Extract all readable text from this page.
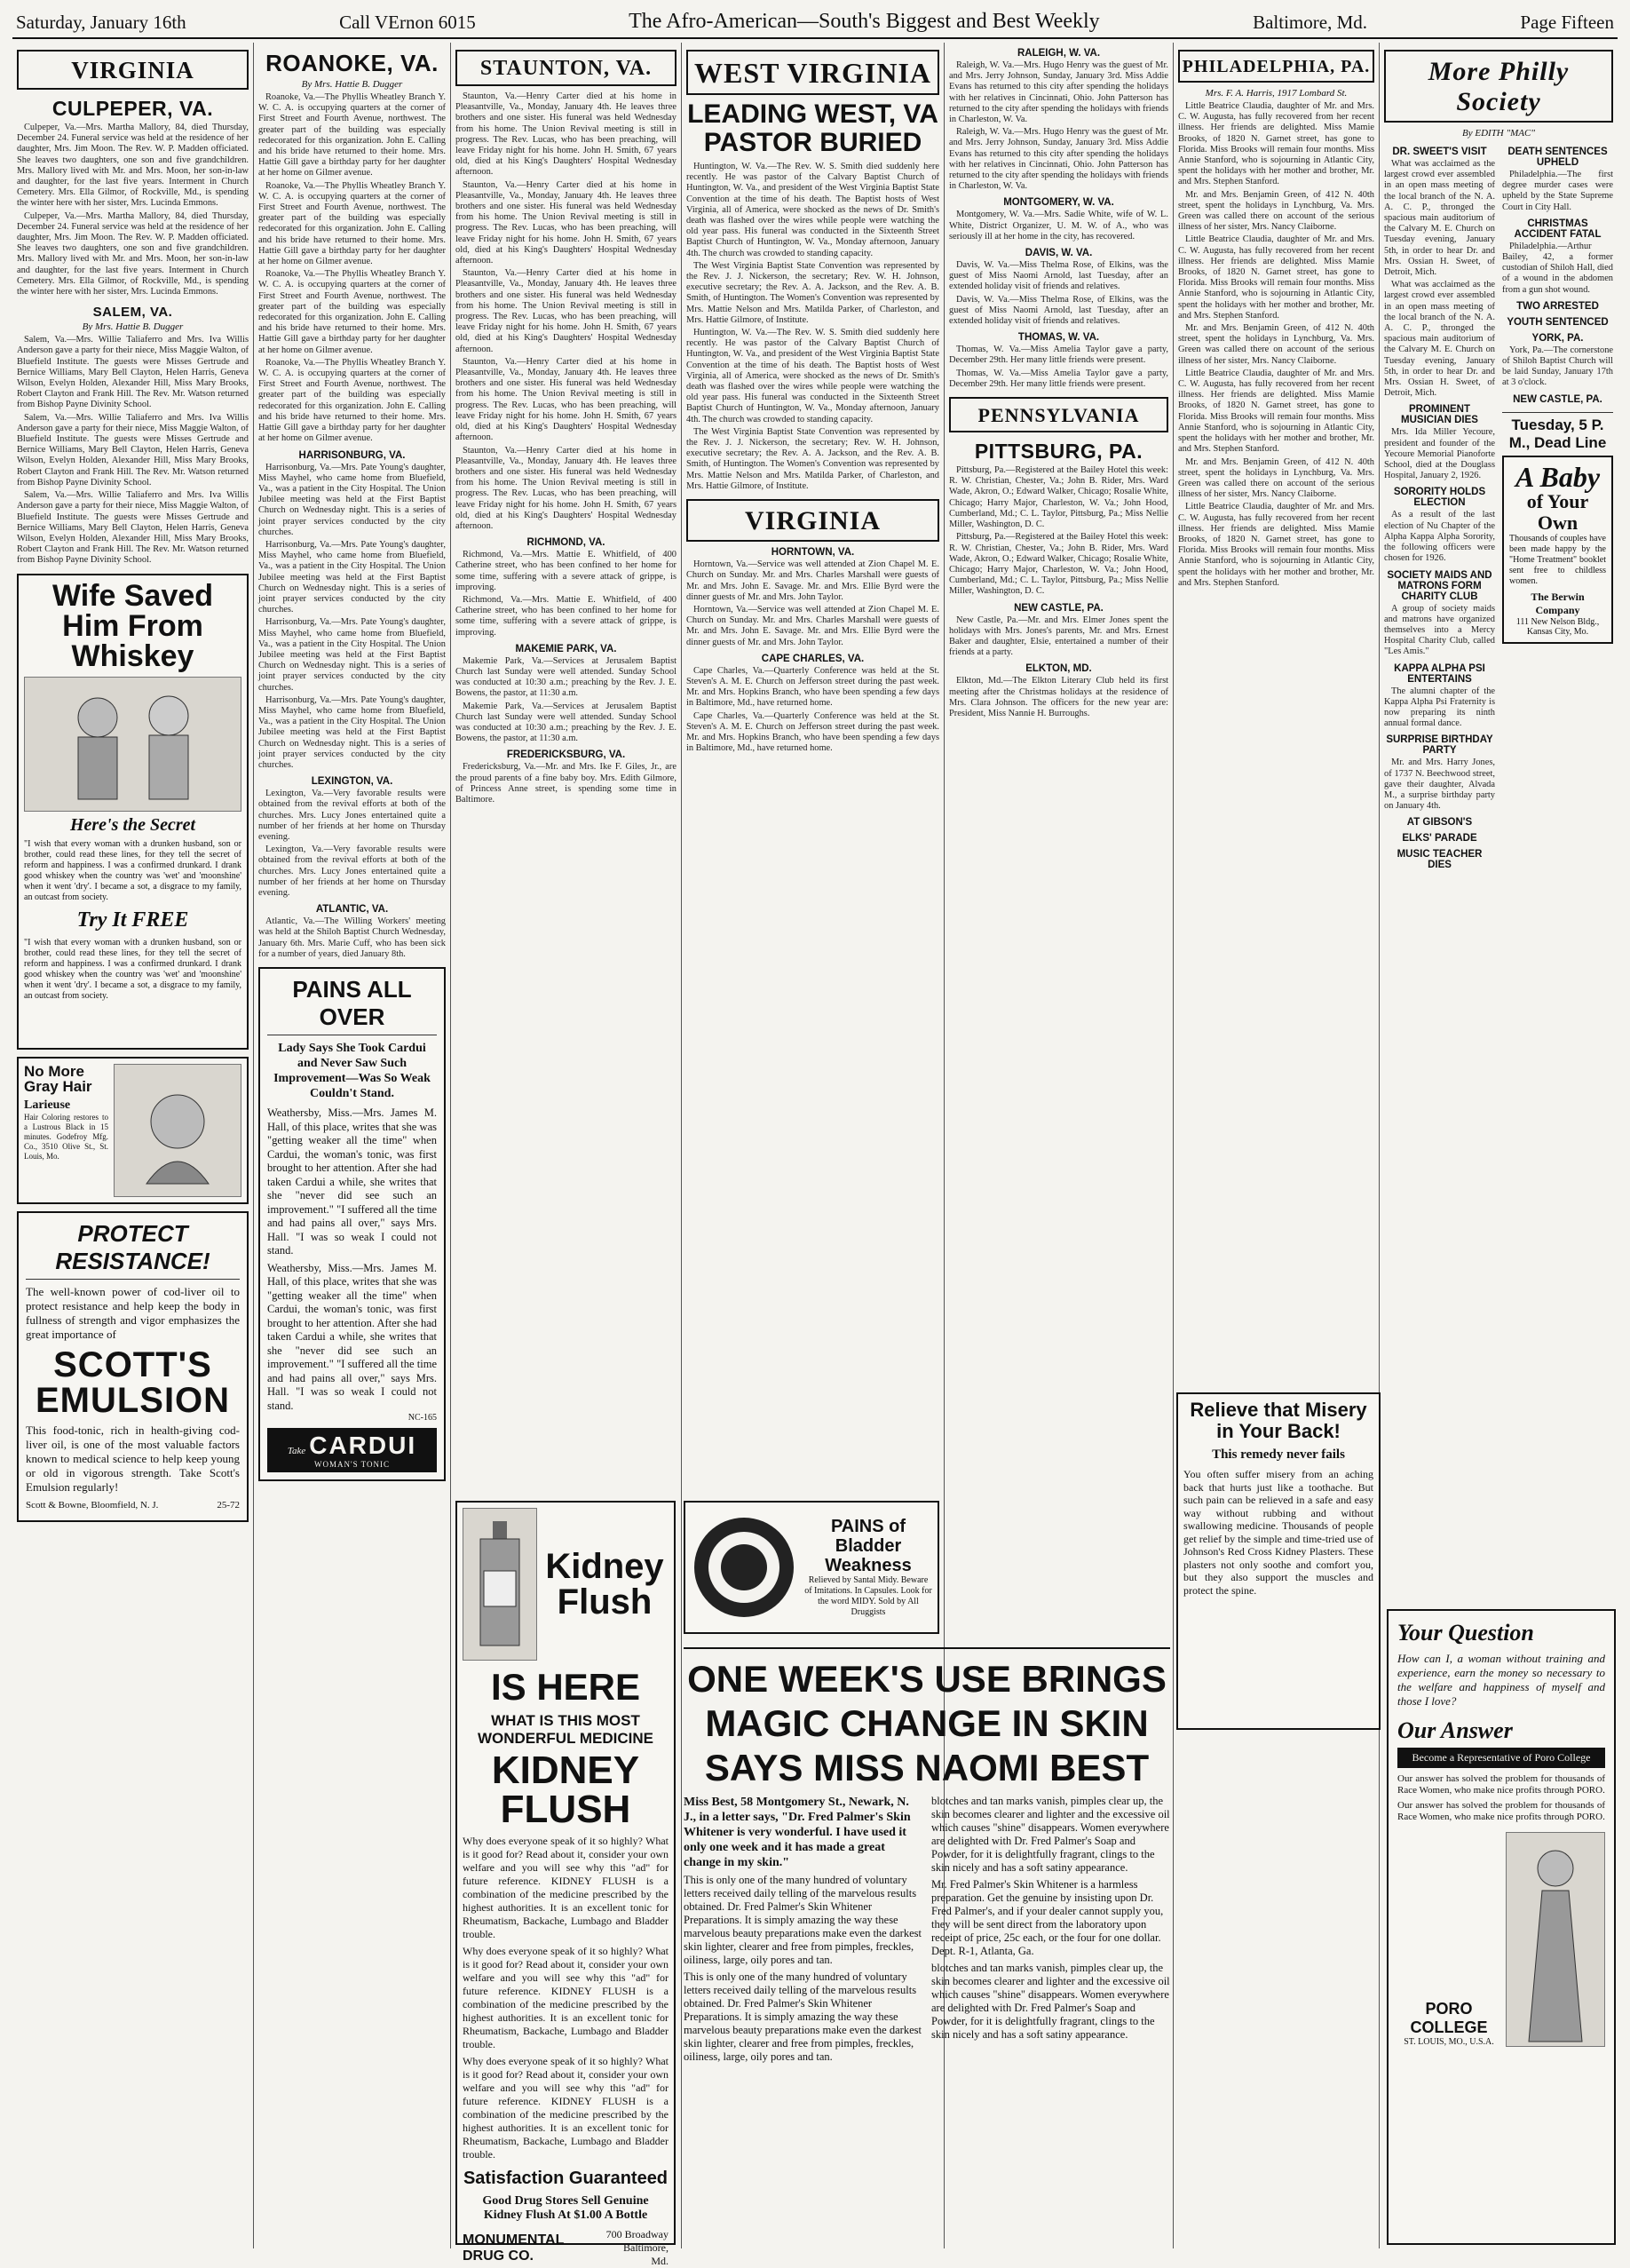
Saturday, January 16th	Call VErnon 6015	The Afro-American—South's Biggest and Best Weekly	Baltimore, Md.	Page Fifteen
VIRGINIA
CULPEPER, VA.

Culpeper, Va.—Mrs. Martha Mallory, 84, died Thursday, December 24. Funeral service was held at the residence of her daughter, Mrs. Jim Moon. The Rev. W. P. Madden officiated. She leaves two daughters, one son and five grandchildren. Mrs. Mallory lived with Mr. and Mrs. Moon, her son-in-law and daughter, for the last five years. Interment in Church Cemetery. Mrs. Ella Gilmor, of Rockville, Md., is spending the winter here with her sister, Mrs. Lucinda Emmons.

Culpeper, Va.—Mrs. Martha Mallory, 84, died Thursday, December 24. Funeral service was held at the residence of her daughter, Mrs. Jim Moon. The Rev. W. P. Madden officiated. She leaves two daughters, one son and five grandchildren. Mrs. Mallory lived with Mr. and Mrs. Moon, her son-in-law and daughter, for the last five years. Interment in Church Cemetery. Mrs. Ella Gilmor, of Rockville, Md., is spending the winter here with her sister, Mrs. Lucinda Emmons.

SALEM, VA.
By Mrs. Hattie B. Dugger

Salem, Va.—Mrs. Willie Taliaferro and Mrs. Iva Willis Anderson gave a party for their niece, Miss Maggie Walton, of Bluefield Institute. The guests were Misses Gertrude and Bernice Williams, Mary Bell Clayton, Helen Harris, Geneva Wilson, Evelyn Holden, Alexander Hill, Miss Mary Brooks, Robert Clayton and Frank Hill. The Rev. Mr. Watson returned from Bishop Payne Divinity School.

Salem, Va.—Mrs. Willie Taliaferro and Mrs. Iva Willis Anderson gave a party for their niece, Miss Maggie Walton, of Bluefield Institute. The guests were Misses Gertrude and Bernice Williams, Mary Bell Clayton, Helen Harris, Geneva Wilson, Evelyn Holden, Alexander Hill, Miss Mary Brooks, Robert Clayton and Frank Hill. The Rev. Mr. Watson returned from Bishop Payne Divinity School.

Salem, Va.—Mrs. Willie Taliaferro and Mrs. Iva Willis Anderson gave a party for their niece, Miss Maggie Walton, of Bluefield Institute. The guests were Misses Gertrude and Bernice Williams, Mary Bell Clayton, Helen Harris, Geneva Wilson, Evelyn Holden, Alexander Hill, Miss Mary Brooks, Robert Clayton and Frank Hill. The Rev. Mr. Watson returned from Bishop Payne Divinity School.

Wife Saved
Him From
Whiskey
Here's the Secret
"I wish that every woman with a drunken husband, son or brother, could read these lines, for they tell the secret of reform and happiness. I was a confirmed drunkard. I drank good whiskey when the country was 'wet' and 'moonshine' when it went 'dry'. I became a sot, a disgrace to my family, an outcast from society.
Try It FREE
"I wish that every woman with a drunken husband, son or brother, could read these lines, for they tell the secret of reform and happiness. I was a confirmed drunkard. I drank good whiskey when the country was 'wet' and 'moonshine' when it went 'dry'. I became a sot, a disgrace to my family, an outcast from society.
No More Gray Hair
Larieuse
Hair Coloring restores to a Lustrous Black in 15 minutes. Godefroy Mfg. Co., 3510 Olive St., St. Louis, Mo.
PROTECT RESISTANCE!
The well-known power of cod-liver oil to protect resistance and help keep the body in fullness of strength and vigor emphasizes the great importance of
SCOTT'S EMULSION
This food-tonic, rich in health-giving cod-liver oil, is one of the most valuable factors known to medical science to help keep young or old in vigorous strength. Take Scott's Emulsion regularly!
Scott & Bowne, Bloomfield, N. J.	25-72
ROANOKE, VA.
By Mrs. Hattie B. Dugger

Roanoke, Va.—The Phyllis Wheatley Branch Y. W. C. A. is occupying quarters at the corner of First Street and Fourth Avenue, northwest. The greater part of the building was especially redecorated for this organization. John E. Calling and his bride have returned to their home. Mrs. Hattie Gill gave a birthday party for her daughter at her home on Gilmer avenue.

Roanoke, Va.—The Phyllis Wheatley Branch Y. W. C. A. is occupying quarters at the corner of First Street and Fourth Avenue, northwest. The greater part of the building was especially redecorated for this organization. John E. Calling and his bride have returned to their home. Mrs. Hattie Gill gave a birthday party for her daughter at her home on Gilmer avenue.

Roanoke, Va.—The Phyllis Wheatley Branch Y. W. C. A. is occupying quarters at the corner of First Street and Fourth Avenue, northwest. The greater part of the building was especially redecorated for this organization. John E. Calling and his bride have returned to their home. Mrs. Hattie Gill gave a birthday party for her daughter at her home on Gilmer avenue.

Roanoke, Va.—The Phyllis Wheatley Branch Y. W. C. A. is occupying quarters at the corner of First Street and Fourth Avenue, northwest. The greater part of the building was especially redecorated for this organization. John E. Calling and his bride have returned to their home. Mrs. Hattie Gill gave a birthday party for her daughter at her home on Gilmer avenue.

HARRISONBURG, VA.

Harrisonburg, Va.—Mrs. Pate Young's daughter, Miss Mayhel, who came home from Bluefield, Va., was a patient in the City Hospital. The Union Jubilee meeting was held at the First Baptist Church on Wednesday night. This is a series of joint prayer services conducted by the city churches.

Harrisonburg, Va.—Mrs. Pate Young's daughter, Miss Mayhel, who came home from Bluefield, Va., was a patient in the City Hospital. The Union Jubilee meeting was held at the First Baptist Church on Wednesday night. This is a series of joint prayer services conducted by the city churches.

Harrisonburg, Va.—Mrs. Pate Young's daughter, Miss Mayhel, who came home from Bluefield, Va., was a patient in the City Hospital. The Union Jubilee meeting was held at the First Baptist Church on Wednesday night. This is a series of joint prayer services conducted by the city churches.

Harrisonburg, Va.—Mrs. Pate Young's daughter, Miss Mayhel, who came home from Bluefield, Va., was a patient in the City Hospital. The Union Jubilee meeting was held at the First Baptist Church on Wednesday night. This is a series of joint prayer services conducted by the city churches.

LEXINGTON, VA.

Lexington, Va.—Very favorable results were obtained from the revival efforts at both of the churches. Mrs. Lucy Jones entertained quite a number of her friends at her home on Thursday evening.

Lexington, Va.—Very favorable results were obtained from the revival efforts at both of the churches. Mrs. Lucy Jones entertained quite a number of her friends at her home on Thursday evening.

ATLANTIC, VA.

Atlantic, Va.—The Willing Workers' meeting was held at the Shiloh Baptist Church Wednesday, January 6th. Mrs. Marie Cuff, who has been sick for a number of years, died January 8th.

PAINS ALL OVER
Lady Says She Took Cardui and Never Saw Such Improvement—Was So Weak Couldn't Stand.
Weathersby, Miss.—Mrs. James M. Hall, of this place, writes that she was "getting weaker all the time" when Cardui, the woman's tonic, was first brought to her attention. After she had taken Cardui a while, she writes that she "never did see such an improvement." "I suffered all the time and had pains all over," says Mrs. Hall. "I was so weak I could not stand.
Weathersby, Miss.—Mrs. James M. Hall, of this place, writes that she was "getting weaker all the time" when Cardui, the woman's tonic, was first brought to her attention. After she had taken Cardui a while, she writes that she "never did see such an improvement." "I suffered all the time and had pains all over," says Mrs. Hall. "I was so weak I could not stand.
NC-165
Take CARDUI
WOMAN'S TONIC
STAUNTON, VA.

Staunton, Va.—Henry Carter died at his home in Pleasantville, Va., Monday, January 4th. He leaves three brothers and one sister. His funeral was held Wednesday from his home. The Union Revival meeting is still in progress. The Rev. Lucas, who has been preaching, will leave Friday night for his home. John H. Smith, 67 years old, died at his King's Daughters' Hospital Wednesday afternoon.

Staunton, Va.—Henry Carter died at his home in Pleasantville, Va., Monday, January 4th. He leaves three brothers and one sister. His funeral was held Wednesday from his home. The Union Revival meeting is still in progress. The Rev. Lucas, who has been preaching, will leave Friday night for his home. John H. Smith, 67 years old, died at his King's Daughters' Hospital Wednesday afternoon.

Staunton, Va.—Henry Carter died at his home in Pleasantville, Va., Monday, January 4th. He leaves three brothers and one sister. His funeral was held Wednesday from his home. The Union Revival meeting is still in progress. The Rev. Lucas, who has been preaching, will leave Friday night for his home. John H. Smith, 67 years old, died at his King's Daughters' Hospital Wednesday afternoon.

Staunton, Va.—Henry Carter died at his home in Pleasantville, Va., Monday, January 4th. He leaves three brothers and one sister. His funeral was held Wednesday from his home. The Union Revival meeting is still in progress. The Rev. Lucas, who has been preaching, will leave Friday night for his home. John H. Smith, 67 years old, died at his King's Daughters' Hospital Wednesday afternoon.

Staunton, Va.—Henry Carter died at his home in Pleasantville, Va., Monday, January 4th. He leaves three brothers and one sister. His funeral was held Wednesday from his home. The Union Revival meeting is still in progress. The Rev. Lucas, who has been preaching, will leave Friday night for his home. John H. Smith, 67 years old, died at his King's Daughters' Hospital Wednesday afternoon.

RICHMOND, VA.

Richmond, Va.—Mrs. Mattie E. Whitfield, of 400 Catherine street, who has been confined to her home for some time, suffering with a severe attack of grippe, is improving.

Richmond, Va.—Mrs. Mattie E. Whitfield, of 400 Catherine street, who has been confined to her home for some time, suffering with a severe attack of grippe, is improving.

MAKEMIE PARK, VA.

Makemie Park, Va.—Services at Jerusalem Baptist Church last Sunday were well attended. Sunday School was conducted at 10:30 a.m.; preaching by the Rev. J. E. Bowens, the pastor, at 11:30 a.m.

Makemie Park, Va.—Services at Jerusalem Baptist Church last Sunday were well attended. Sunday School was conducted at 10:30 a.m.; preaching by the Rev. J. E. Bowens, the pastor, at 11:30 a.m.

FREDERICKSBURG, VA.

Fredericksburg, Va.—Mr. and Mrs. Ike F. Giles, Jr., are the proud parents of a fine baby boy. Mrs. Edith Gilmore, of Princess Anne street, is spending some time in Baltimore.

WEST VIRGINIA
LEADING WEST, VA PASTOR BURIED

Huntington, W. Va.—The Rev. W. S. Smith died suddenly here recently. He was pastor of the Calvary Baptist Church of Huntington, W. Va., and president of the West Virginia Baptist State Convention at the time of his death. The Baptist hosts of West Virginia, all of America, were shocked as the news of Dr. Smith's death was flashed over the wires while people were watching the old year pass. His funeral was conducted in the Sixteenth Street Baptist Church of Huntington, W. Va., Monday afternoon, January 4th. The church was crowded to standing capacity.

The West Virginia Baptist State Convention was represented by the Rev. J. J. Nickerson, the secretary; Rev. W. H. Johnson, executive secretary; the Rev. A. A. Jackson, and the Rev. A. B. Smith, of Huntington. The Women's Convention was represented by Mrs. Mattie Nelson and Mrs. Matilda Parker, of Charleston, and Mrs. Hattie Gilmore, of Institute.

Huntington, W. Va.—The Rev. W. S. Smith died suddenly here recently. He was pastor of the Calvary Baptist Church of Huntington, W. Va., and president of the West Virginia Baptist State Convention at the time of his death. The Baptist hosts of West Virginia, all of America, were shocked as the news of Dr. Smith's death was flashed over the wires while people were watching the old year pass. His funeral was conducted in the Sixteenth Street Baptist Church of Huntington, W. Va., Monday afternoon, January 4th. The church was crowded to standing capacity.

The West Virginia Baptist State Convention was represented by the Rev. J. J. Nickerson, the secretary; Rev. W. H. Johnson, executive secretary; the Rev. A. A. Jackson, and the Rev. A. B. Smith, of Huntington. The Women's Convention was represented by Mrs. Mattie Nelson and Mrs. Matilda Parker, of Charleston, and Mrs. Hattie Gilmore, of Institute.

VIRGINIA
HORNTOWN, VA.

Horntown, Va.—Service was well attended at Zion Chapel M. E. Church on Sunday. Mr. and Mrs. Charles Marshall were guests of Mr. and Mrs. John E. Savage. Mr. and Mrs. Ellie Byrd were the dinner guests of Mr. and Mrs. John Taylor.

Horntown, Va.—Service was well attended at Zion Chapel M. E. Church on Sunday. Mr. and Mrs. Charles Marshall were guests of Mr. and Mrs. John E. Savage. Mr. and Mrs. Ellie Byrd were the dinner guests of Mr. and Mrs. John Taylor.

CAPE CHARLES, VA.

Cape Charles, Va.—Quarterly Conference was held at the St. Steven's A. M. E. Church on Jefferson street during the past week. Mr. and Mrs. Hopkins Branch, who have been spending a few days in Baltimore, Md., have returned home.

Cape Charles, Va.—Quarterly Conference was held at the St. Steven's A. M. E. Church on Jefferson street during the past week. Mr. and Mrs. Hopkins Branch, who have been spending a few days in Baltimore, Md., have returned home.

RALEIGH, W. VA.

Raleigh, W. Va.—Mrs. Hugo Henry was the guest of Mr. and Mrs. Jerry Johnson, Sunday, January 3rd. Miss Addie Evans has returned to this city after spending the holidays with her relatives in Cincinnati, Ohio. John Patterson has returned to the city after spending the holidays with friends in Charleston, W. Va.

Raleigh, W. Va.—Mrs. Hugo Henry was the guest of Mr. and Mrs. Jerry Johnson, Sunday, January 3rd. Miss Addie Evans has returned to this city after spending the holidays with her relatives in Cincinnati, Ohio. John Patterson has returned to the city after spending the holidays with friends in Charleston, W. Va.

MONTGOMERY, W. VA.

Montgomery, W. Va.—Mrs. Sadie White, wife of W. L. White, District Organizer, U. M. W. of A., who was seriously ill at her home in the city, has recovered.

DAVIS, W. VA.

Davis, W. Va.—Miss Thelma Rose, of Elkins, was the guest of Miss Naomi Arnold, last Tuesday, after an extended holiday visit of friends and relatives.

Davis, W. Va.—Miss Thelma Rose, of Elkins, was the guest of Miss Naomi Arnold, last Tuesday, after an extended holiday visit of friends and relatives.

THOMAS, W. VA.

Thomas, W. Va.—Miss Amelia Taylor gave a party, December 29th. Her many little friends were present.

Thomas, W. Va.—Miss Amelia Taylor gave a party, December 29th. Her many little friends were present.

PENNSYLVANIA
PITTSBURG, PA.

Pittsburg, Pa.—Registered at the Bailey Hotel this week: R. W. Christian, Chester, Va.; John B. Rider, Mrs. Ward Wade, Akron, O.; Edward Walker, Chicago; Rosalie White, Chicago; Harry Major, Charleston, W. Va.; John Hood, Cumberland, Md.; C. L. Taylor, Pittsburg, Pa.; Miss Nellie Miller, Washington, D. C.

Pittsburg, Pa.—Registered at the Bailey Hotel this week: R. W. Christian, Chester, Va.; John B. Rider, Mrs. Ward Wade, Akron, O.; Edward Walker, Chicago; Rosalie White, Chicago; Harry Major, Charleston, W. Va.; John Hood, Cumberland, Md.; C. L. Taylor, Pittsburg, Pa.; Miss Nellie Miller, Washington, D. C.

NEW CASTLE, PA.

New Castle, Pa.—Mr. and Mrs. Elmer Jones spent the holidays with Mrs. Jones's parents, Mr. and Mrs. Ernest Baker and daughter, Elsie, entertained a number of their friends at a party.

ELKTON, MD.

Elkton, Md.—The Elkton Literary Club held its first meeting after the Christmas holidays at the residence of Mrs. Clara Johnson. The officers for the new year are: President, Miss Nannie H. Burroughs.

PHILADELPHIA, PA.
Mrs. F. A. Harris, 1917 Lombard St.

Little Beatrice Claudia, daughter of Mr. and Mrs. C. W. Augusta, has fully recovered from her recent illness. Her friends are delighted. Miss Mamie Brooks, of 1820 N. Garnet street, has gone to Florida. Miss Brooks will remain four months. Miss Annie Stanford, who is sojourning in Atlantic City, spent the holidays with her mother and brother, Mr. and Mrs. Stephen Stanford.

Mr. and Mrs. Benjamin Green, of 412 N. 40th street, spent the holidays in Lynchburg, Va. Mrs. Green was called there on account of the serious illness of her sister, Mrs. Nancy Claiborne.

Little Beatrice Claudia, daughter of Mr. and Mrs. C. W. Augusta, has fully recovered from her recent illness. Her friends are delighted. Miss Mamie Brooks, of 1820 N. Garnet street, has gone to Florida. Miss Brooks will remain four months. Miss Annie Stanford, who is sojourning in Atlantic City, spent the holidays with her mother and brother, Mr. and Mrs. Stephen Stanford.

Mr. and Mrs. Benjamin Green, of 412 N. 40th street, spent the holidays in Lynchburg, Va. Mrs. Green was called there on account of the serious illness of her sister, Mrs. Nancy Claiborne.

Little Beatrice Claudia, daughter of Mr. and Mrs. C. W. Augusta, has fully recovered from her recent illness. Her friends are delighted. Miss Mamie Brooks, of 1820 N. Garnet street, has gone to Florida. Miss Brooks will remain four months. Miss Annie Stanford, who is sojourning in Atlantic City, spent the holidays with her mother and brother, Mr. and Mrs. Stephen Stanford.

Mr. and Mrs. Benjamin Green, of 412 N. 40th street, spent the holidays in Lynchburg, Va. Mrs. Green was called there on account of the serious illness of her sister, Mrs. Nancy Claiborne.

Little Beatrice Claudia, daughter of Mr. and Mrs. C. W. Augusta, has fully recovered from her recent illness. Her friends are delighted. Miss Mamie Brooks, of 1820 N. Garnet street, has gone to Florida. Miss Brooks will remain four months. Miss Annie Stanford, who is sojourning in Atlantic City, spent the holidays with her mother and brother, Mr. and Mrs. Stephen Stanford.

More Philly Society
By EDITH "MAC"
DR. SWEET'S VISIT

What was acclaimed as the largest crowd ever assembled in an open mass meeting of the local branch of the N. A. A. C. P., thronged the spacious main auditorium of the Calvary M. E. Church on Tuesday evening, January 5th, in order to hear Dr. and Mrs. Ossian H. Sweet, of Detroit, Mich.

What was acclaimed as the largest crowd ever assembled in an open mass meeting of the local branch of the N. A. A. C. P., thronged the spacious main auditorium of the Calvary M. E. Church on Tuesday evening, January 5th, in order to hear Dr. and Mrs. Ossian H. Sweet, of Detroit, Mich.

PROMINENT MUSICIAN DIES

Mrs. Ida Miller Yecoure, president and founder of the Yecoure Memorial Pianoforte School, died at the Douglass Hospital, January 2, 1926.

SORORITY HOLDS ELECTION

As a result of the last election of Nu Chapter of the Alpha Kappa Alpha Sorority, the following officers were chosen for 1926.

SOCIETY MAIDS AND MATRONS FORM CHARITY CLUB

A group of society maids and matrons have organized themselves into a Mercy Hospital Charity Club, called "Les Amis."

KAPPA ALPHA PSI ENTERTAINS

The alumni chapter of the Kappa Alpha Psi Fraternity is now preparing its ninth annual formal dance.

SURPRISE BIRTHDAY PARTY

Mr. and Mrs. Harry Jones, of 1737 N. Beechwood street, gave their daughter, Alvada M., a surprise birthday party on January 4th.

AT GIBSON'S
ELKS' PARADE
MUSIC TEACHER DIES
DEATH SENTENCES UPHELD

Philadelphia.—The first degree murder cases were upheld by the State Supreme Court in City Hall.

CHRISTMAS ACCIDENT FATAL

Philadelphia.—Arthur Bailey, 42, a former custodian of Shiloh Hall, died of a wound in the abdomen from a gun shot wound.

TWO ARRESTED
YOUTH SENTENCED
YORK, PA.

York, Pa.—The cornerstone of Shiloh Baptist Church will be laid Sunday, January 17th at 3 o'clock.

NEW CASTLE, PA.
Tuesday, 5 P. M., Dead Line
A Baby
of Your Own
Thousands of couples have been made happy by the "Home Treatment" booklet sent free to childless women.
The Berwin Company
111 New Nelson Bldg., Kansas City, Mo.
Kidney Flush
IS HERE
WHAT IS THIS MOST WONDERFUL MEDICINE
KIDNEY FLUSH
Why does everyone speak of it so highly? What is it good for? Read about it, consider your own welfare and you will see why this "ad" for future reference. KIDNEY FLUSH is a combination of the medicine prescribed by the highest authorities. It is an excellent tonic for Rheumatism, Backache, Lumbago and Bladder trouble.
Why does everyone speak of it so highly? What is it good for? Read about it, consider your own welfare and you will see why this "ad" for future reference. KIDNEY FLUSH is a combination of the medicine prescribed by the highest authorities. It is an excellent tonic for Rheumatism, Backache, Lumbago and Bladder trouble.
Why does everyone speak of it so highly? What is it good for? Read about it, consider your own welfare and you will see why this "ad" for future reference. KIDNEY FLUSH is a combination of the medicine prescribed by the highest authorities. It is an excellent tonic for Rheumatism, Backache, Lumbago and Bladder trouble.
Satisfaction Guaranteed
Good Drug Stores Sell Genuine Kidney Flush At $1.00 A Bottle
MONUMENTAL DRUG CO.
700 Broadway Baltimore, Md.
PAINS of Bladder Weakness
Relieved by Santal Midy. Beware of Imitations. In Capsules. Look for the word MIDY. Sold by All Druggists
ONE WEEK'S USE BRINGS
MAGIC CHANGE IN SKIN
SAYS MISS NAOMI BEST
Miss Best, 58 Montgomery St., Newark, N. J., in a letter says, "Dr. Fred Palmer's Skin Whitener is very wonderful. I have used it only one week and it has made a great change in my skin."
This is only one of the many hundred of voluntary letters received daily telling of the marvelous results obtained. Dr. Fred Palmer's Skin Whitener Preparations. It is simply amazing the way these marvelous beauty preparations make even the darkest skin lighter, clearer and free from pimples, freckles, oiliness, large, oily pores and tan.
This is only one of the many hundred of voluntary letters received daily telling of the marvelous results obtained. Dr. Fred Palmer's Skin Whitener Preparations. It is simply amazing the way these marvelous beauty preparations make even the darkest skin lighter, clearer and free from pimples, freckles, oiliness, large, oily pores and tan.
blotches and tan marks vanish, pimples clear up, the skin becomes clearer and lighter and the excessive oil which causes "shine" disappears. Women everywhere are delighted with Dr. Fred Palmer's Soap and Powder, for it is delightfully fragrant, clings to the skin nicely and has a soft satiny appearance.
Mr. Fred Palmer's Skin Whitener is a harmless preparation. Get the genuine by insisting upon Dr. Fred Palmer's, and if your dealer cannot supply you, they will be sent direct from the laboratory upon receipt of price, 25c each, or the four for one dollar. Dept. R-1, Atlanta, Ga.
blotches and tan marks vanish, pimples clear up, the skin becomes clearer and lighter and the excessive oil which causes "shine" disappears. Women everywhere are delighted with Dr. Fred Palmer's Soap and Powder, for it is delightfully fragrant, clings to the skin nicely and has a soft satiny appearance.
Relieve that Misery in Your Back!
This remedy never fails
You often suffer misery from an aching back that hurts just like a toothache. But such pain can be relieved in a safe and easy way without rubbing and without swallowing medicine. Thousands of people get relief by the simple and time-tried use of Johnson's Red Cross Kidney Plasters. These plasters not only soothe and comfort you, but they also support the muscles and protect the spine.
Your Question
How can I, a woman without training and experience, earn the money so necessary to the welfare and happiness of myself and those I love?
Our Answer
Become a Representative of Poro College
Our answer has solved the problem for thousands of Race Women, who make nice profits through PORO.
Our answer has solved the problem for thousands of Race Women, who make nice profits through PORO.
PORO COLLEGE
ST. LOUIS, MO., U.S.A.
